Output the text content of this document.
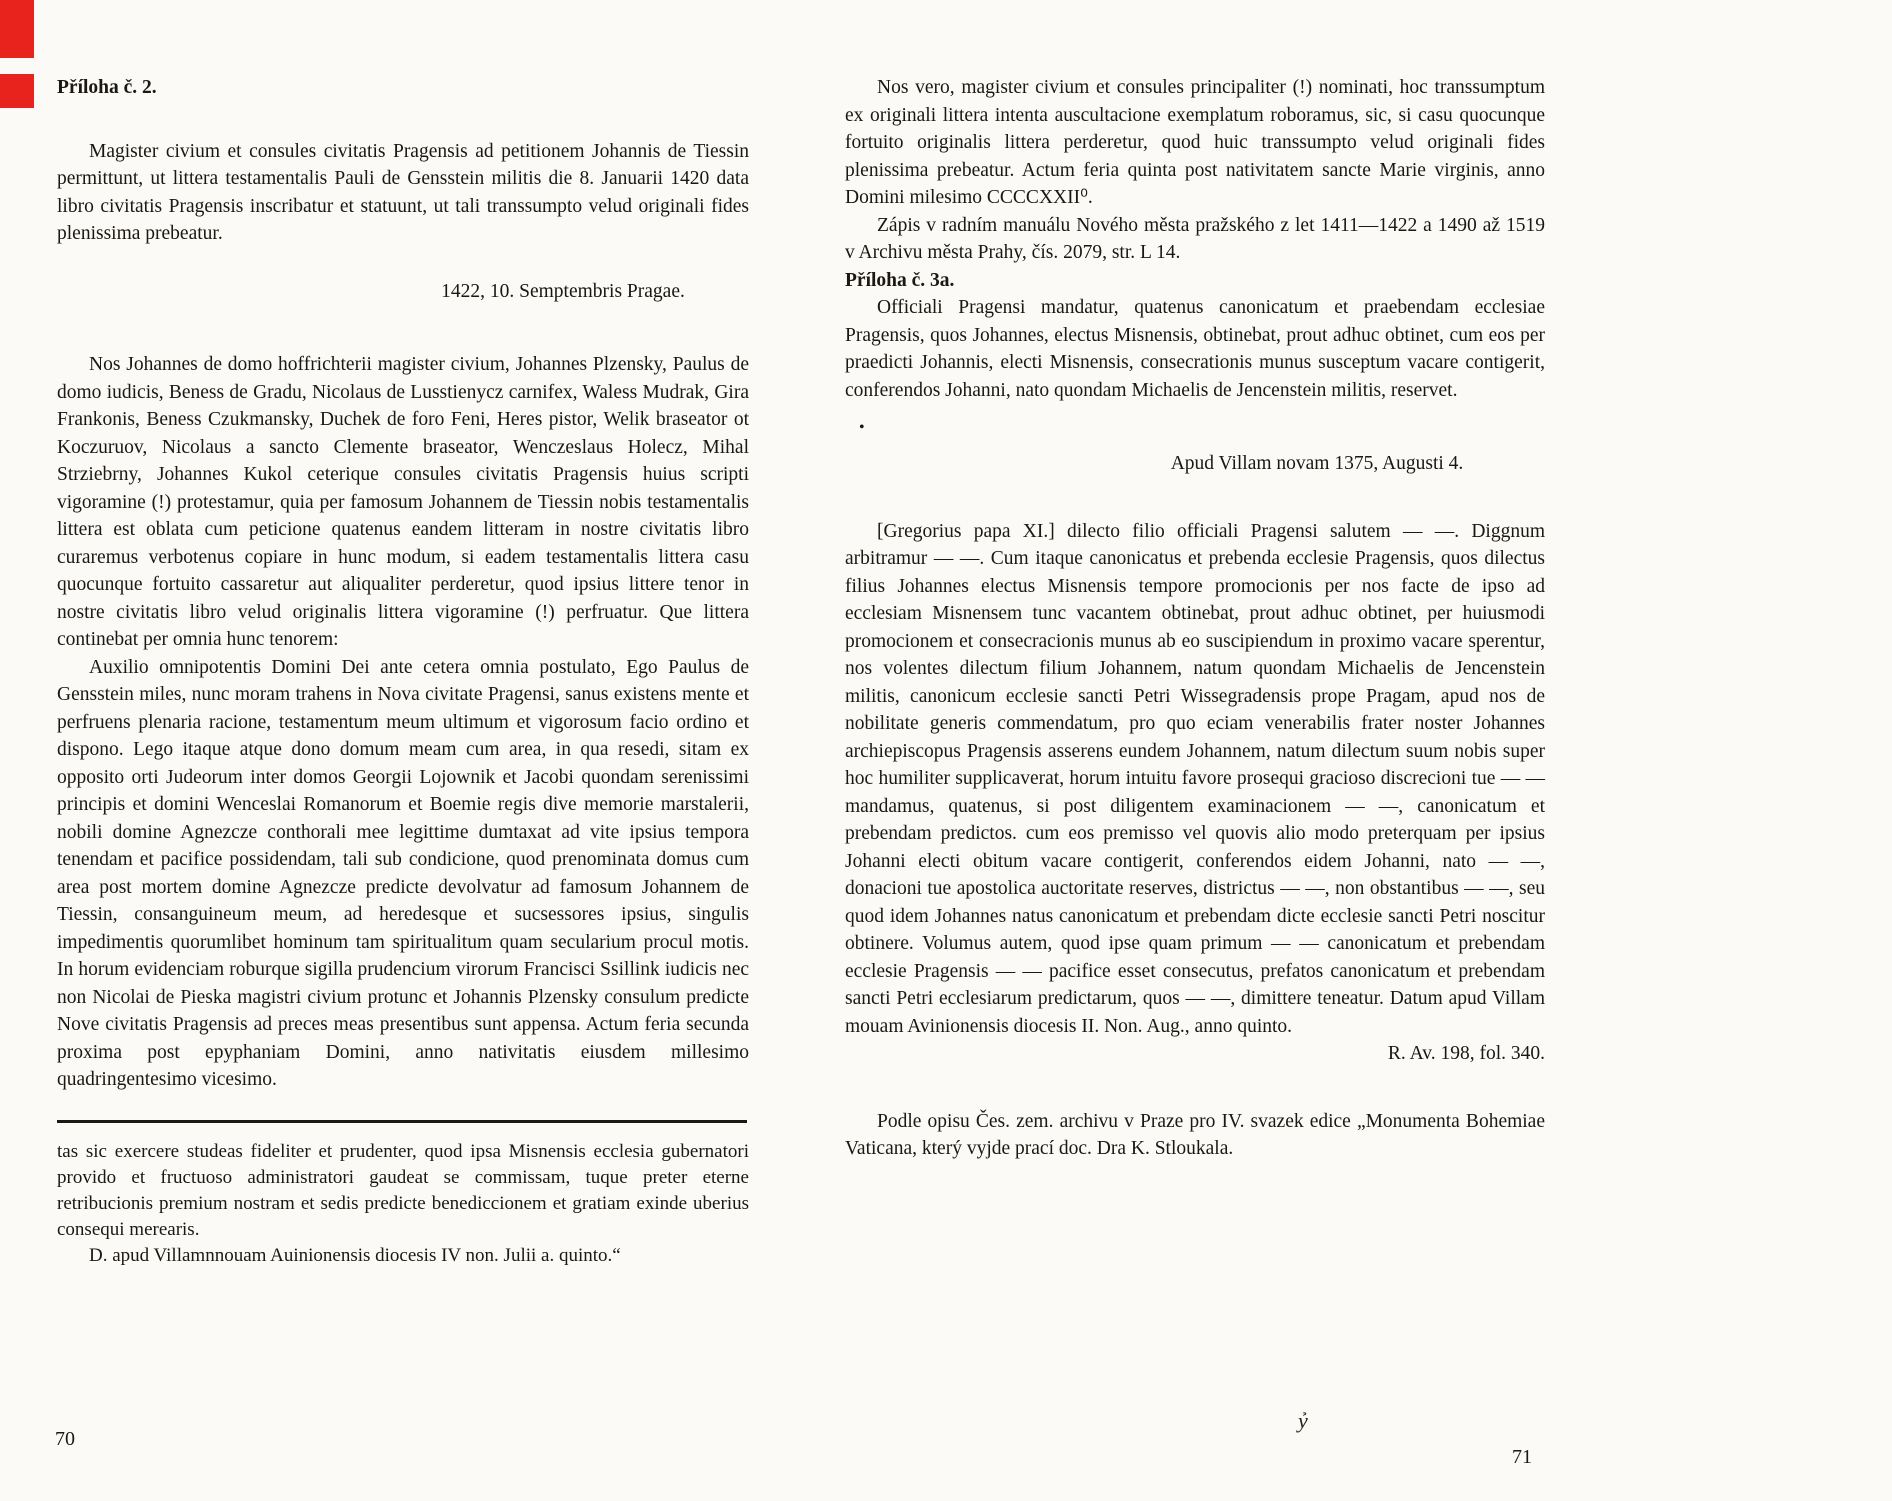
Příloha č. 2.

Magister civium et consules civitatis Pragensis ad petitionem Johannis de Tiessin permittunt, ut littera testamentalis Pauli de Gensstein militis die 8. Januarii 1420 data libro civitatis Pragensis inscribatur et statuunt, ut tali transsumpto velud originali fides plenissima prebeatur.

1422, 10. Semptembris Pragae.

Nos Johannes de domo hoffrichterii magister civium, Johannes Plzensky, Paulus de domo iudicis, Beness de Gradu, Nicolaus de Lusstienycz carnifex, Waless Mudrak, Gira Frankonis, Beness Czukmansky, Duchek de foro Feni, Heres pistor, Welik braseator ot Koczuruov, Nicolaus a sancto Clemente braseator, Wenczeslaus Holecz, Mihal Strziebrny, Johannes Kukol ceterique consules civitatis Pragensis huius scripti vigoramine (!) protestamur, quia per famosum Johannem de Tiessin nobis testamentalis littera est oblata cum peticione quatenus eandem litteram in nostre civitatis libro curaremus verbotenus copiare in hunc modum, si eadem testamentalis littera casu quocunque fortuito cassaretur aut aliqualiter perderetur, quod ipsius littere tenor in nostre civitatis libro velud originalis littera vigoramine (!) perfruatur. Que littera continebat per omnia hunc tenorem:

Auxilio omnipotentis Domini Dei ante cetera omnia postulato, Ego Paulus de Gensstein miles, nunc moram trahens in Nova civitate Pragensi, sanus existens mente et perfruens plenaria racione, testamentum meum ultimum et vigorosum facio ordino et dispono. Lego itaque atque dono domum meam cum area, in qua resedi, sitam ex opposito orti Judeorum inter domos Georgii Lojownik et Jacobi quondam serenissimi principis et domini Wenceslai Romanorum et Boemie regis dive memorie marstalerii, nobili domine Agnezcze conthorali mee legittime dumtaxat ad vite ipsius tempora tenendam et pacifice possidendam, tali sub condicione, quod prenominata domus cum area post mortem domine Agnezcze predicte devolvatur ad famosum Johannem de Tiessin, consanguineum meum, ad heredesque et sucsessores ipsius, singulis impedimentis quorumlibet hominum tam spiritualitum quam secularium procul motis. In horum evidenciam roburque sigilla prudencium virorum Francisci Ssillink iudicis nec non Nicolai de Pieska magistri civium protunc et Johannis Plzensky consulum predicte Nove civitatis Pragensis ad preces meas presentibus sunt appensa. Actum feria secunda proxima post epyphaniam Domini, anno nativitatis eiusdem millesimo quadringentesimo vicesimo.

tas sic exercere studeas fideliter et prudenter, quod ipsa Misnensis ecclesia gubernatori provido et fructuoso administratori gaudeat se commissam, tuque preter eterne retribucionis premium nostram et sedis predicte benediccionem et gratiam exinde uberius consequi merearis.

D. apud Villamnnouam Auinionensis diocesis IV non. Julii a. quinto.“

Nos vero, magister civium et consules principaliter (!) nominati, hoc transsumptum ex originali littera intenta auscultacione exemplatum roboramus, sic, si casu quocunque fortuito originalis littera perderetur, quod huic transsumpto velud originali fides plenissima prebeatur. Actum feria quinta post nativitatem sancte Marie virginis, anno Domini milesimo CCCCXXII⁰.

Zápis v radním manuálu Nového města pražského z let 1411—1422 a 1490 až 1519 v Archivu města Prahy, čís. 2079, str. L 14.

Příloha č. 3a.

Officiali Pragensi mandatur, quatenus canonicatum et praebendam ecclesiae Pragensis, quos Johannes, electus Misnensis, obtinebat, prout adhuc obtinet, cum eos per praedicti Johannis, electi Misnensis, consecrationis munus susceptum vacare contigerit, conferendos Johanni, nato quondam Michaelis de Jencenstein militis, reservet.

•

Apud Villam novam 1375, Augusti 4.

[Gregorius papa XI.] dilecto filio officiali Pragensi salutem — —. Diggnum arbitramur — —. Cum itaque canonicatus et prebenda ecclesie Pragensis, quos dilectus filius Johannes electus Misnensis tempore promocionis per nos facte de ipso ad ecclesiam Misnensem tunc vacantem obtinebat, prout adhuc obtinet, per huiusmodi promocionem et consecracionis munus ab eo suscipiendum in proximo vacare sperentur, nos volentes dilectum filium Johannem, natum quondam Michaelis de Jencenstein militis, canonicum ecclesie sancti Petri Wissegradensis prope Pragam, apud nos de nobilitate generis commendatum, pro quo eciam venerabilis frater noster Johannes archiepiscopus Pragensis asserens eundem Johannem, natum dilectum suum nobis super hoc humiliter supplicaverat, horum intuitu favore prosequi gracioso discrecioni tue — — mandamus, quatenus, si post diligentem examinacionem — —, canonicatum et prebendam predictos. cum eos premisso vel quovis alio modo preterquam per ipsius Johanni electi obitum vacare contigerit, conferendos eidem Johanni, nato — —, donacioni tue apostolica auctoritate reserves, districtus — —, non obstantibus — —, seu quod idem Johannes natus canonicatum et prebendam dicte ecclesie sancti Petri noscitur obtinere. Volumus autem, quod ipse quam primum — — canonicatum et prebendam ecclesie Pragensis — — pacifice esset consecutus, prefatos canonicatum et prebendam sancti Petri ecclesiarum predictarum, quos — —, dimittere teneatur. Datum apud Villam mouam Avinionensis diocesis II. Non. Aug., anno quinto.

R. Av. 198, fol. 340.

Podle opisu Čes. zem. archivu v Praze pro IV. svazek edice „Monumenta Bohemiae Vaticana, který vyjde prací doc. Dra K. Stloukala.

ỷ
70
71
